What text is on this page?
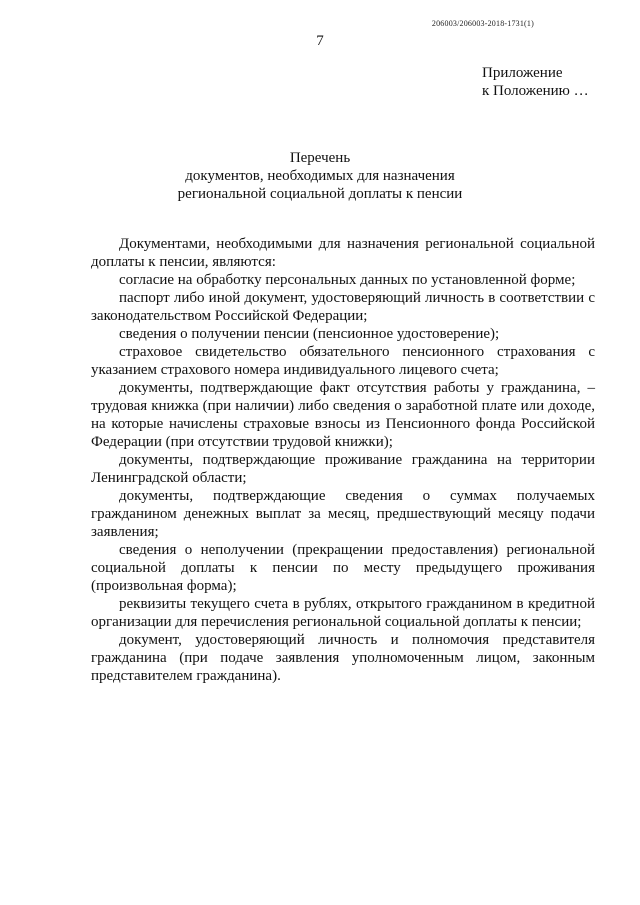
206003/206003-2018-1731(1)
7
Приложение
к Положению …
Перечень
документов, необходимых для назначения
региональной социальной доплаты к пенсии

Документами, необходимыми для назначения региональной социальной доплаты к пенсии, являются:

согласие на обработку персональных данных по установленной форме;

паспорт либо иной документ, удостоверяющий личность в соответствии с законодательством Российской Федерации;

сведения о получении пенсии (пенсионное удостоверение);

страховое свидетельство обязательного пенсионного страхования с указанием страхового номера индивидуального лицевого счета;

документы, подтверждающие факт отсутствия работы у гражданина, – трудовая книжка (при наличии) либо сведения о заработной плате или доходе, на которые начислены страховые взносы из Пенсионного фонда Российской Федерации (при отсутствии трудовой книжки);

документы, подтверждающие проживание гражданина на территории Ленинградской области;

документы, подтверждающие сведения о суммах получаемых гражданином денежных выплат за месяц, предшествующий месяцу подачи заявления;

сведения о неполучении (прекращении предоставления) региональной социальной доплаты к пенсии по месту предыдущего проживания (произвольная форма);

реквизиты текущего счета в рублях, открытого гражданином в кредитной организации для перечисления региональной социальной доплаты к пенсии;

документ, удостоверяющий личность и полномочия представителя гражданина (при подаче заявления уполномоченным лицом, законным представителем гражданина).
